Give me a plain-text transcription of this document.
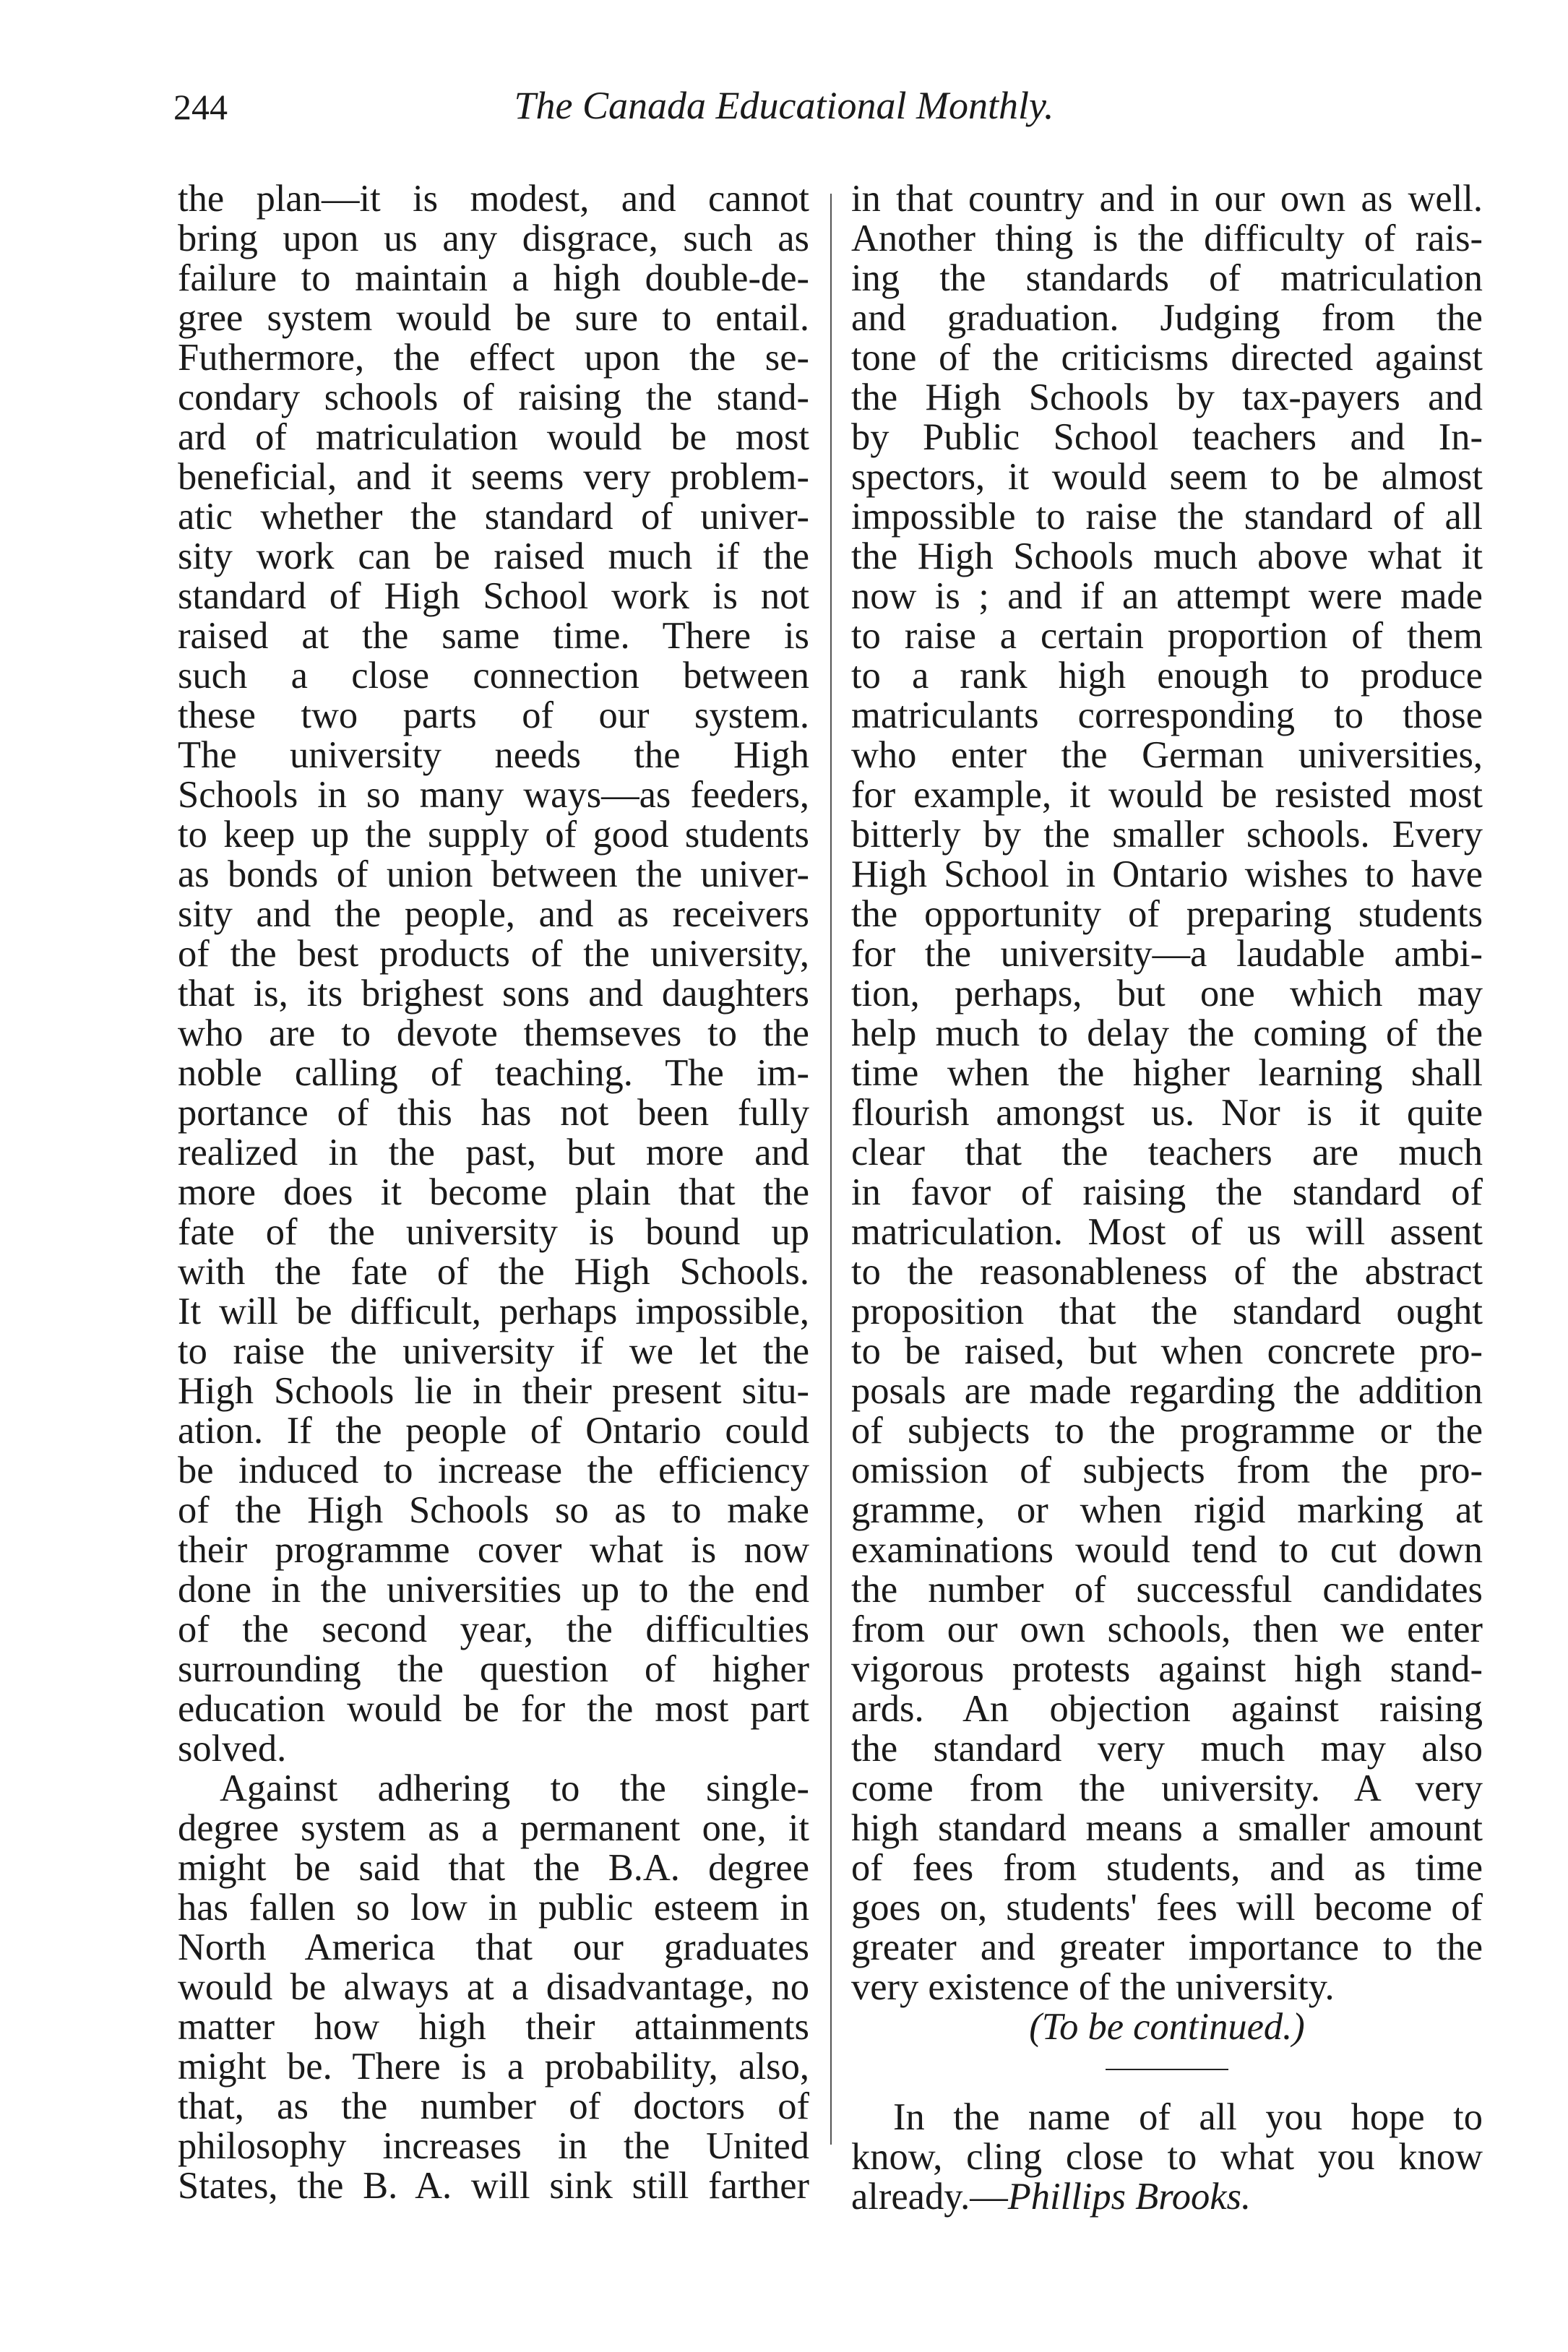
244	The Canada Educational Monthly.
the plan—it is modest, and cannot
bring upon us any disgrace, such as
failure to maintain a high double-de-
gree system would be sure to entail.
Futhermore, the effect upon the se-
condary schools of raising the stand-
ard of matriculation would be most
beneficial, and it seems very problem-
atic whether the standard of univer-
sity work can be raised much if the
standard of High School work is not
raised at the same time. There is
such a close connection between
these two parts of our system.
The university needs the High
Schools in so many ways—as feeders,
to keep up the supply of good students
as bonds of union between the univer-
sity and the people, and as receivers
of the best products of the university,
that is, its brighest sons and daughters
who are to devote themseves to the
noble calling of teaching. The im-
portance of this has not been fully
realized in the past, but more and
more does it become plain that the
fate of the university is bound up
with the fate of the High Schools.
It will be difficult, perhaps impossible,
to raise the university if we let the
High Schools lie in their present situ-
ation. If the people of Ontario could
be induced to increase the efficiency
of the High Schools so as to make
their programme cover what is now
done in the universities up to the end
of the second year, the difficulties
surrounding the question of higher
education would be for the most part
solved.
Against adhering to the single-
degree system as a permanent one, it
might be said that the B.A. degree
has fallen so low in public esteem in
North America that our graduates
would be always at a disadvantage, no
matter how high their attainments
might be. There is a probability, also,
that, as the number of doctors of
philosophy increases in the United
States, the B. A. will sink still farther
in that country and in our own as well.
Another thing is the difficulty of rais-
ing the standards of matriculation
and graduation. Judging from the
tone of the criticisms directed against
the High Schools by tax-payers and
by Public School teachers and In-
spectors, it would seem to be almost
impossible to raise the standard of all
the High Schools much above what it
now is ; and if an attempt were made
to raise a certain proportion of them
to a rank high enough to produce
matriculants corresponding to those
who enter the German universities,
for example, it would be resisted most
bitterly by the smaller schools. Every
High School in Ontario wishes to have
the opportunity of preparing students
for the university—a laudable ambi-
tion, perhaps, but one which may
help much to delay the coming of the
time when the higher learning shall
flourish amongst us. Nor is it quite
clear that the teachers are much
in favor of raising the standard of
matriculation. Most of us will assent
to the reasonableness of the abstract
proposition that the standard ought
to be raised, but when concrete pro-
posals are made regarding the addition
of subjects to the programme or the
omission of subjects from the pro-
gramme, or when rigid marking at
examinations would tend to cut down
the number of successful candidates
from our own schools, then we enter
vigorous protests against high stand-
ards. An objection against raising
the standard very much may also
come from the university. A very
high standard means a smaller amount
of fees from students, and as time
goes on, students' fees will become of
greater and greater importance to the
very existence of the university.
(To be continued.)
In the name of all you hope to
know, cling close to what you know
already.—Phillips Brooks.
